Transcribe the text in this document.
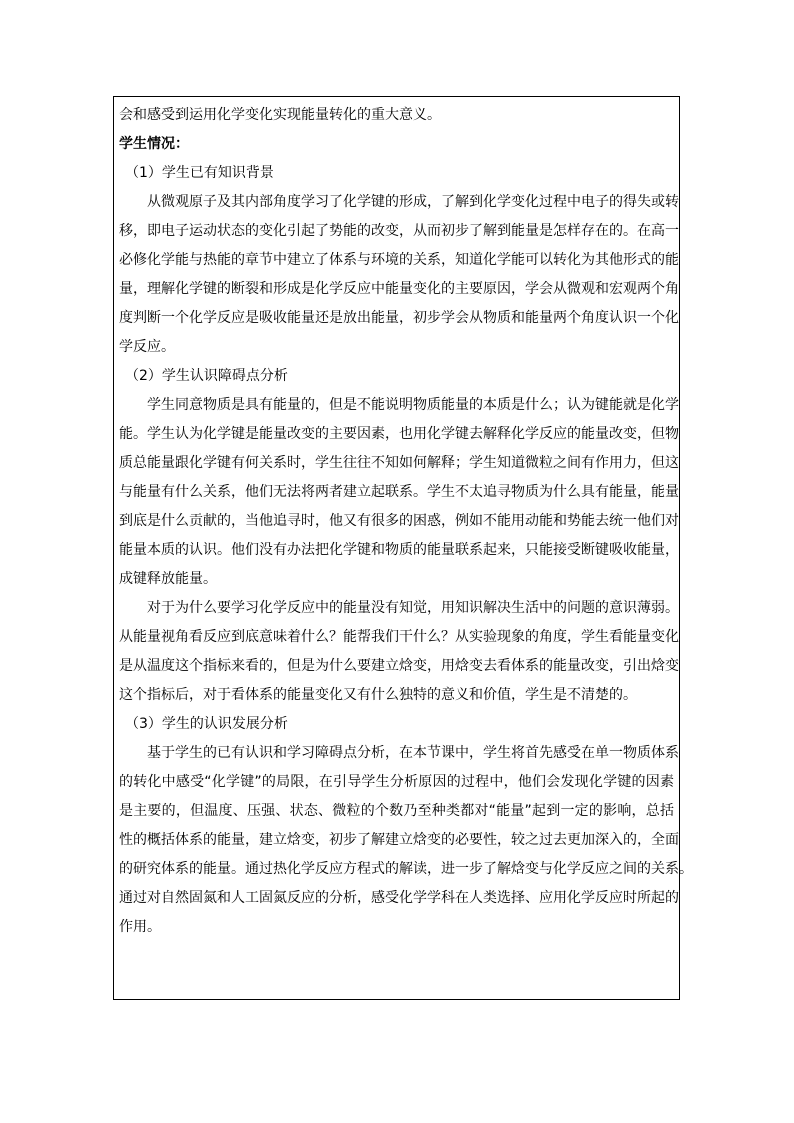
会和感受到运用化学变化实现能量转化的重大意义。

学生情况：

（1）学生已有知识背景

从微观原子及其内部角度学习了化学键的形成，了解到化学变化过程中电子的得失或转

移，即电子运动状态的变化引起了势能的改变，从而初步了解到能量是怎样存在的。在高一

必修化学能与热能的章节中建立了体系与环境的关系，知道化学能可以转化为其他形式的能

量，理解化学键的断裂和形成是化学反应中能量变化的主要原因，学会从微观和宏观两个角

度判断一个化学反应是吸收能量还是放出能量，初步学会从物质和能量两个角度认识一个化

学反应。

（2）学生认识障碍点分析

学生同意物质是具有能量的，但是不能说明物质能量的本质是什么；认为键能就是化学

能。学生认为化学键是能量改变的主要因素，也用化学键去解释化学反应的能量改变，但物

质总能量跟化学键有何关系时，学生往往不知如何解释；学生知道微粒之间有作用力，但这

与能量有什么关系，他们无法将两者建立起联系。学生不太追寻物质为什么具有能量，能量

到底是什么贡献的，当他追寻时，他又有很多的困惑，例如不能用动能和势能去统一他们对

能量本质的认识。他们没有办法把化学键和物质的能量联系起来，只能接受断键吸收能量，

成键释放能量。

对于为什么要学习化学反应中的能量没有知觉，用知识解决生活中的问题的意识薄弱。

从能量视角看反应到底意味着什么？能帮我们干什么？从实验现象的角度，学生看能量变化

是从温度这个指标来看的，但是为什么要建立焓变，用焓变去看体系的能量改变，引出焓变

这个指标后，对于看体系的能量变化又有什么独特的意义和价值，学生是不清楚的。

（3）学生的认识发展分析

基于学生的已有认识和学习障碍点分析，在本节课中，学生将首先感受在单一物质体系

的转化中感受“化学键”的局限，在引导学生分析原因的过程中，他们会发现化学键的因素

是主要的，但温度、压强、状态、微粒的个数乃至种类都对“能量”起到一定的影响，总括

性的概括体系的能量，建立焓变，初步了解建立焓变的必要性，较之过去更加深入的，全面

的研究体系的能量。通过热化学反应方程式的解读，进一步了解焓变与化学反应之间的关系。

通过对自然固氮和人工固氮反应的分析，感受化学学科在人类选择、应用化学反应时所起的

作用。
